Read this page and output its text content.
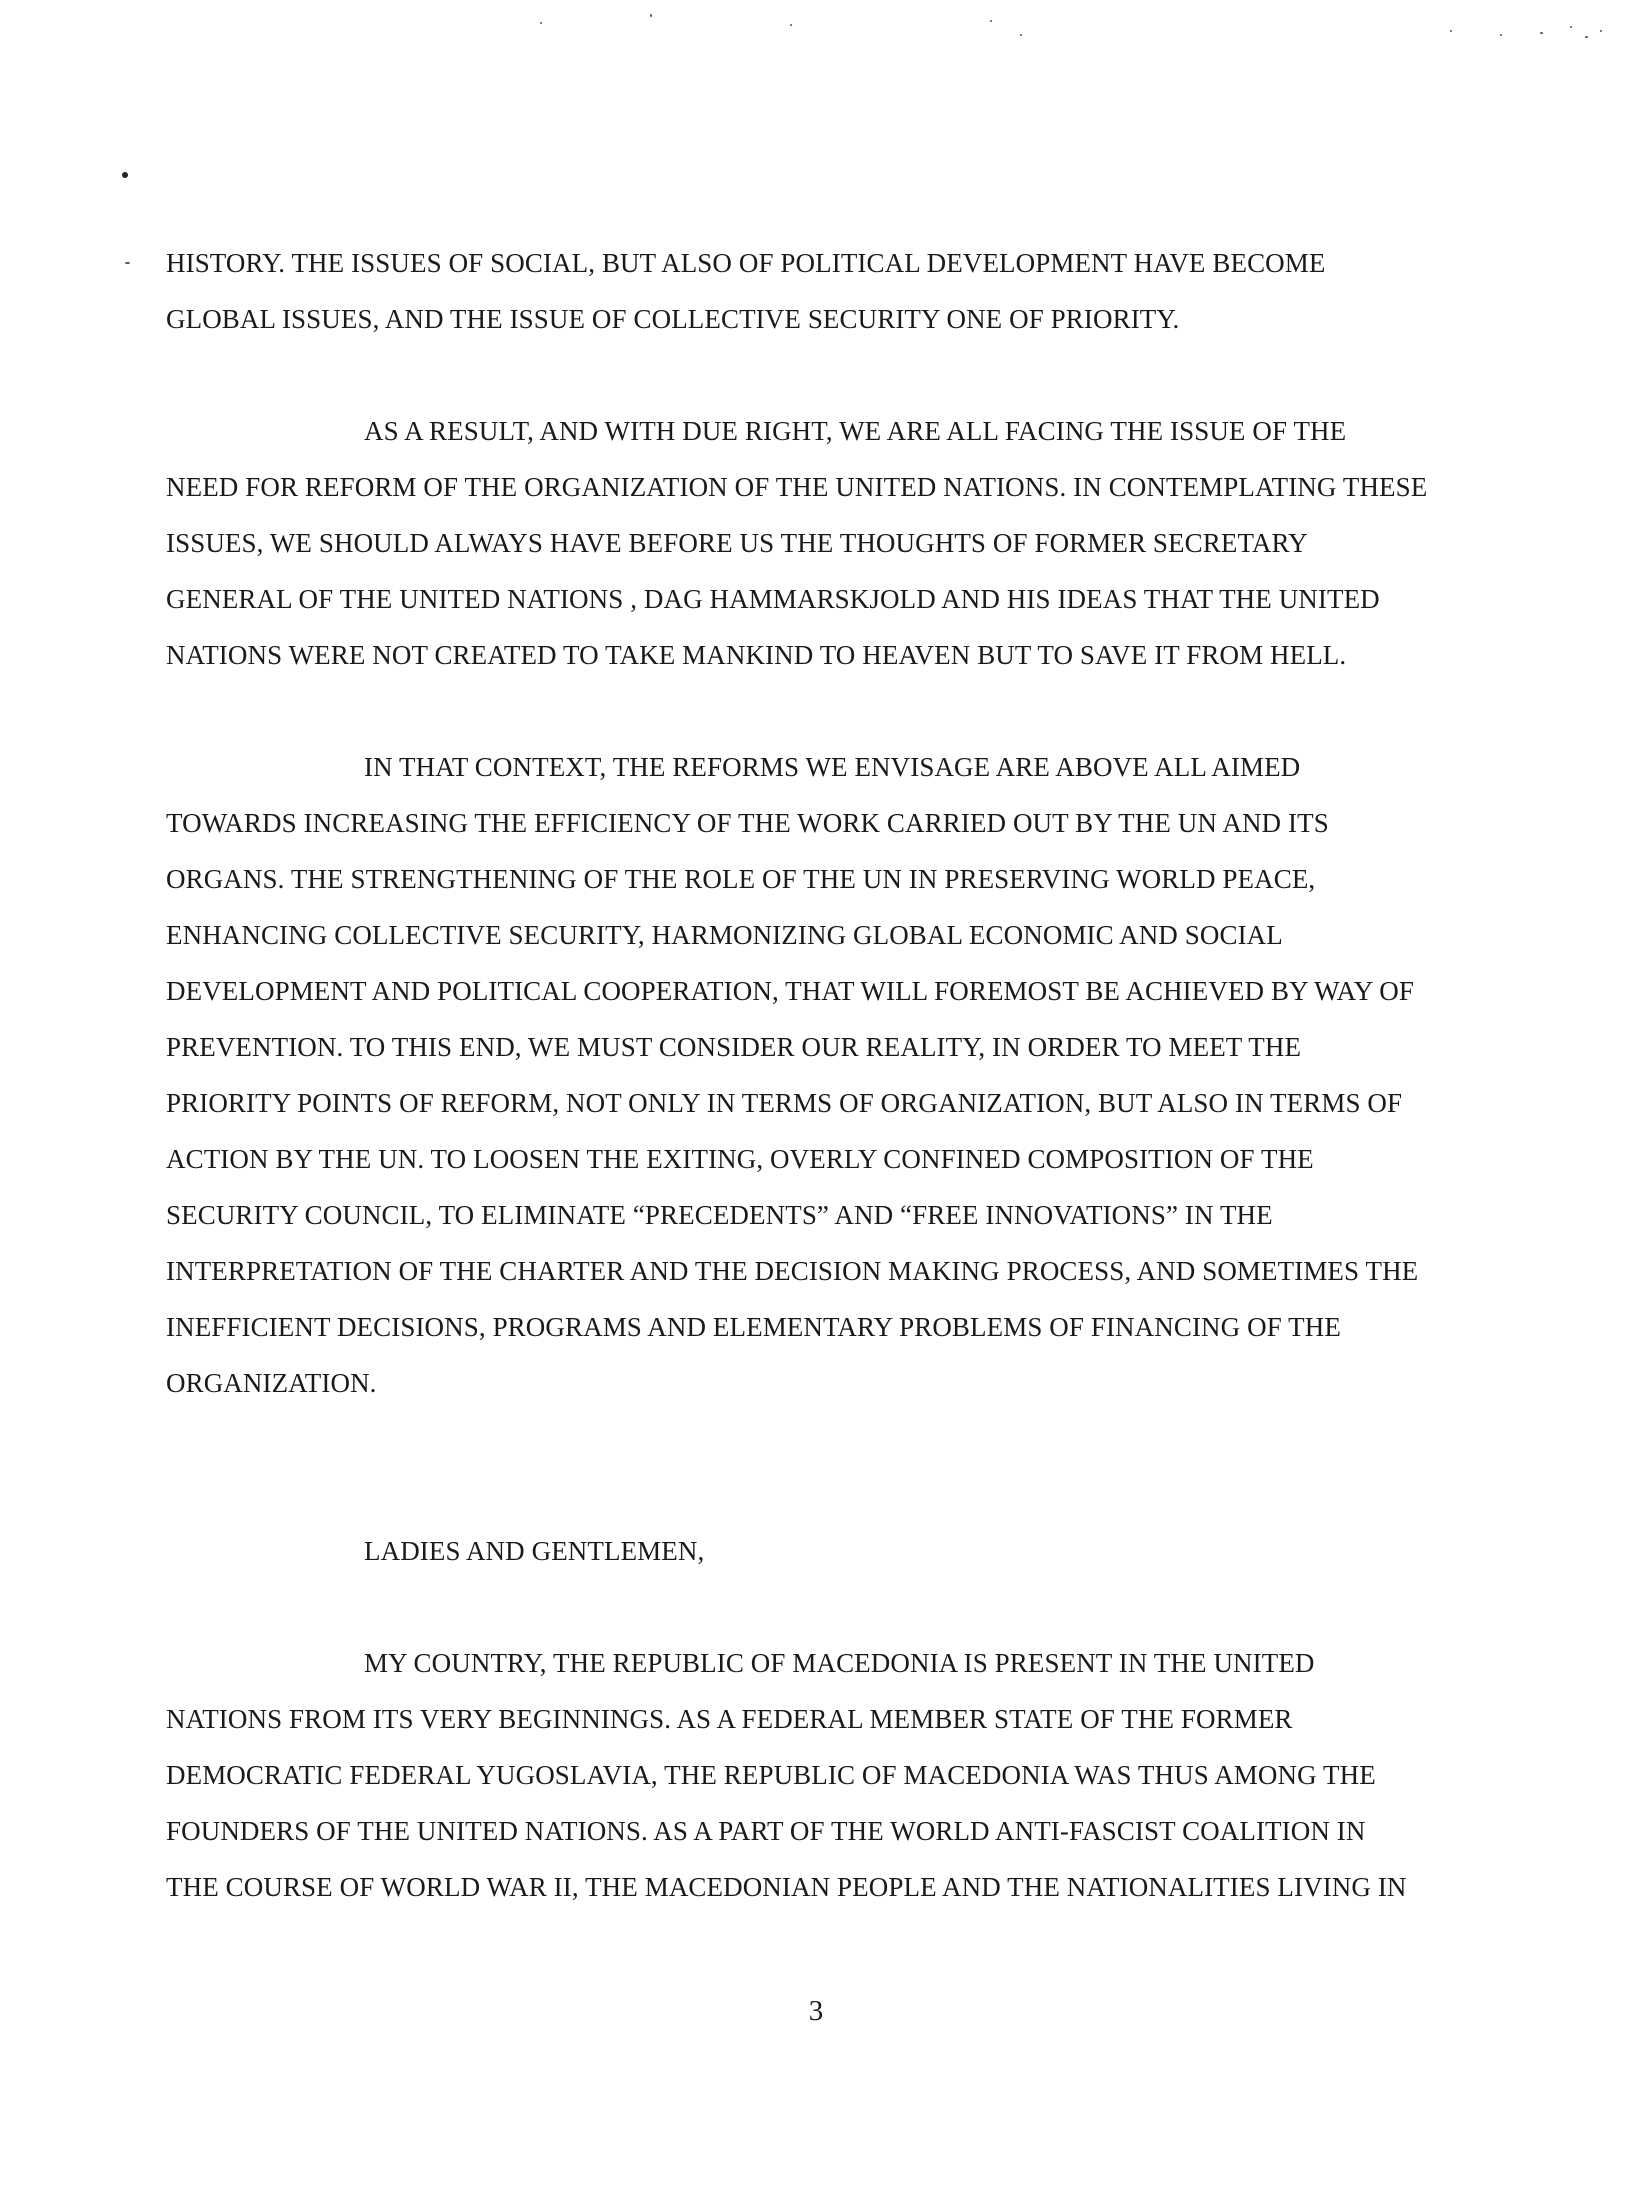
HISTORY. THE ISSUES OF SOCIAL, BUT ALSO OF POLITICAL DEVELOPMENT HAVE BECOME
GLOBAL ISSUES, AND THE ISSUE OF COLLECTIVE SECURITY ONE OF PRIORITY.
AS A RESULT, AND WITH DUE RIGHT, WE ARE ALL FACING THE ISSUE OF THE
NEED FOR REFORM OF THE ORGANIZATION OF THE UNITED NATIONS. IN CONTEMPLATING THESE
ISSUES, WE SHOULD ALWAYS HAVE BEFORE US THE THOUGHTS OF FORMER SECRETARY
GENERAL OF THE UNITED NATIONS , DAG HAMMARSKJOLD AND HIS IDEAS THAT THE UNITED
NATIONS WERE NOT CREATED TO TAKE MANKIND TO HEAVEN BUT TO SAVE IT FROM HELL.
IN THAT CONTEXT, THE REFORMS WE ENVISAGE ARE ABOVE ALL AIMED
TOWARDS INCREASING THE EFFICIENCY OF THE WORK CARRIED OUT BY THE UN AND ITS
ORGANS. THE STRENGTHENING OF THE ROLE OF THE UN IN PRESERVING WORLD PEACE,
ENHANCING COLLECTIVE SECURITY, HARMONIZING GLOBAL ECONOMIC AND SOCIAL
DEVELOPMENT AND POLITICAL COOPERATION, THAT WILL FOREMOST BE ACHIEVED BY WAY OF
PREVENTION. TO THIS END, WE MUST CONSIDER OUR REALITY, IN ORDER TO MEET THE
PRIORITY POINTS OF REFORM, NOT ONLY IN TERMS OF ORGANIZATION, BUT ALSO IN TERMS OF
ACTION BY THE UN. TO LOOSEN THE EXITING, OVERLY CONFINED COMPOSITION OF THE
SECURITY COUNCIL, TO ELIMINATE “PRECEDENTS” AND “FREE INNOVATIONS” IN THE
INTERPRETATION OF THE CHARTER AND THE DECISION MAKING PROCESS, AND SOMETIMES THE
INEFFICIENT DECISIONS, PROGRAMS AND ELEMENTARY PROBLEMS OF FINANCING OF THE
ORGANIZATION.
LADIES AND GENTLEMEN,
MY COUNTRY, THE REPUBLIC OF MACEDONIA IS PRESENT IN THE UNITED
NATIONS FROM ITS VERY BEGINNINGS. AS A FEDERAL MEMBER STATE OF THE FORMER
DEMOCRATIC FEDERAL YUGOSLAVIA, THE REPUBLIC OF MACEDONIA WAS THUS AMONG THE
FOUNDERS OF THE UNITED NATIONS. AS A PART OF THE WORLD ANTI-FASCIST COALITION IN
THE COURSE OF WORLD WAR II, THE MACEDONIAN PEOPLE AND THE NATIONALITIES LIVING IN
3
